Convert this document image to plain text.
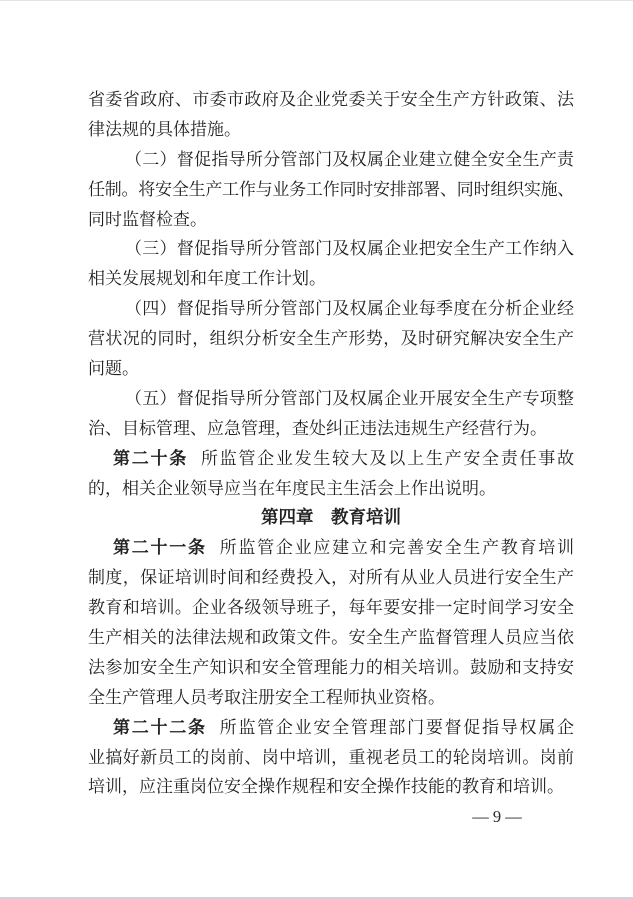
省委省政府、市委市政府及企业党委关于安全生产方针政策、法
律法规的具体措施。
（二）督促指导所分管部门及权属企业建立健全安全生产责
任制。将安全生产工作与业务工作同时安排部署、同时组织实施、
同时监督检查。
（三）督促指导所分管部门及权属企业把安全生产工作纳入
相关发展规划和年度工作计划。
（四）督促指导所分管部门及权属企业每季度在分析企业经
营状况的同时，组织分析安全生产形势，及时研究解决安全生产
问题。
（五）督促指导所分管部门及权属企业开展安全生产专项整
治、目标管理、应急管理，查处纠正违法违规生产经营行为。
第二十条 所监管企业发生较大及以上生产安全责任事故
的，相关企业领导应当在年度民主生活会上作出说明。
第四章　教育培训
第二十一条 所监管企业应建立和完善安全生产教育培训
制度，保证培训时间和经费投入，对所有从业人员进行安全生产
教育和培训。企业各级领导班子，每年要安排一定时间学习安全
生产相关的法律法规和政策文件。安全生产监督管理人员应当依
法参加安全生产知识和安全管理能力的相关培训。鼓励和支持安
全生产管理人员考取注册安全工程师执业资格。
第二十二条 所监管企业安全管理部门要督促指导权属企
业搞好新员工的岗前、岗中培训，重视老员工的轮岗培训。岗前
培训，应注重岗位安全操作规程和安全操作技能的教育和培训。
— 9 —
